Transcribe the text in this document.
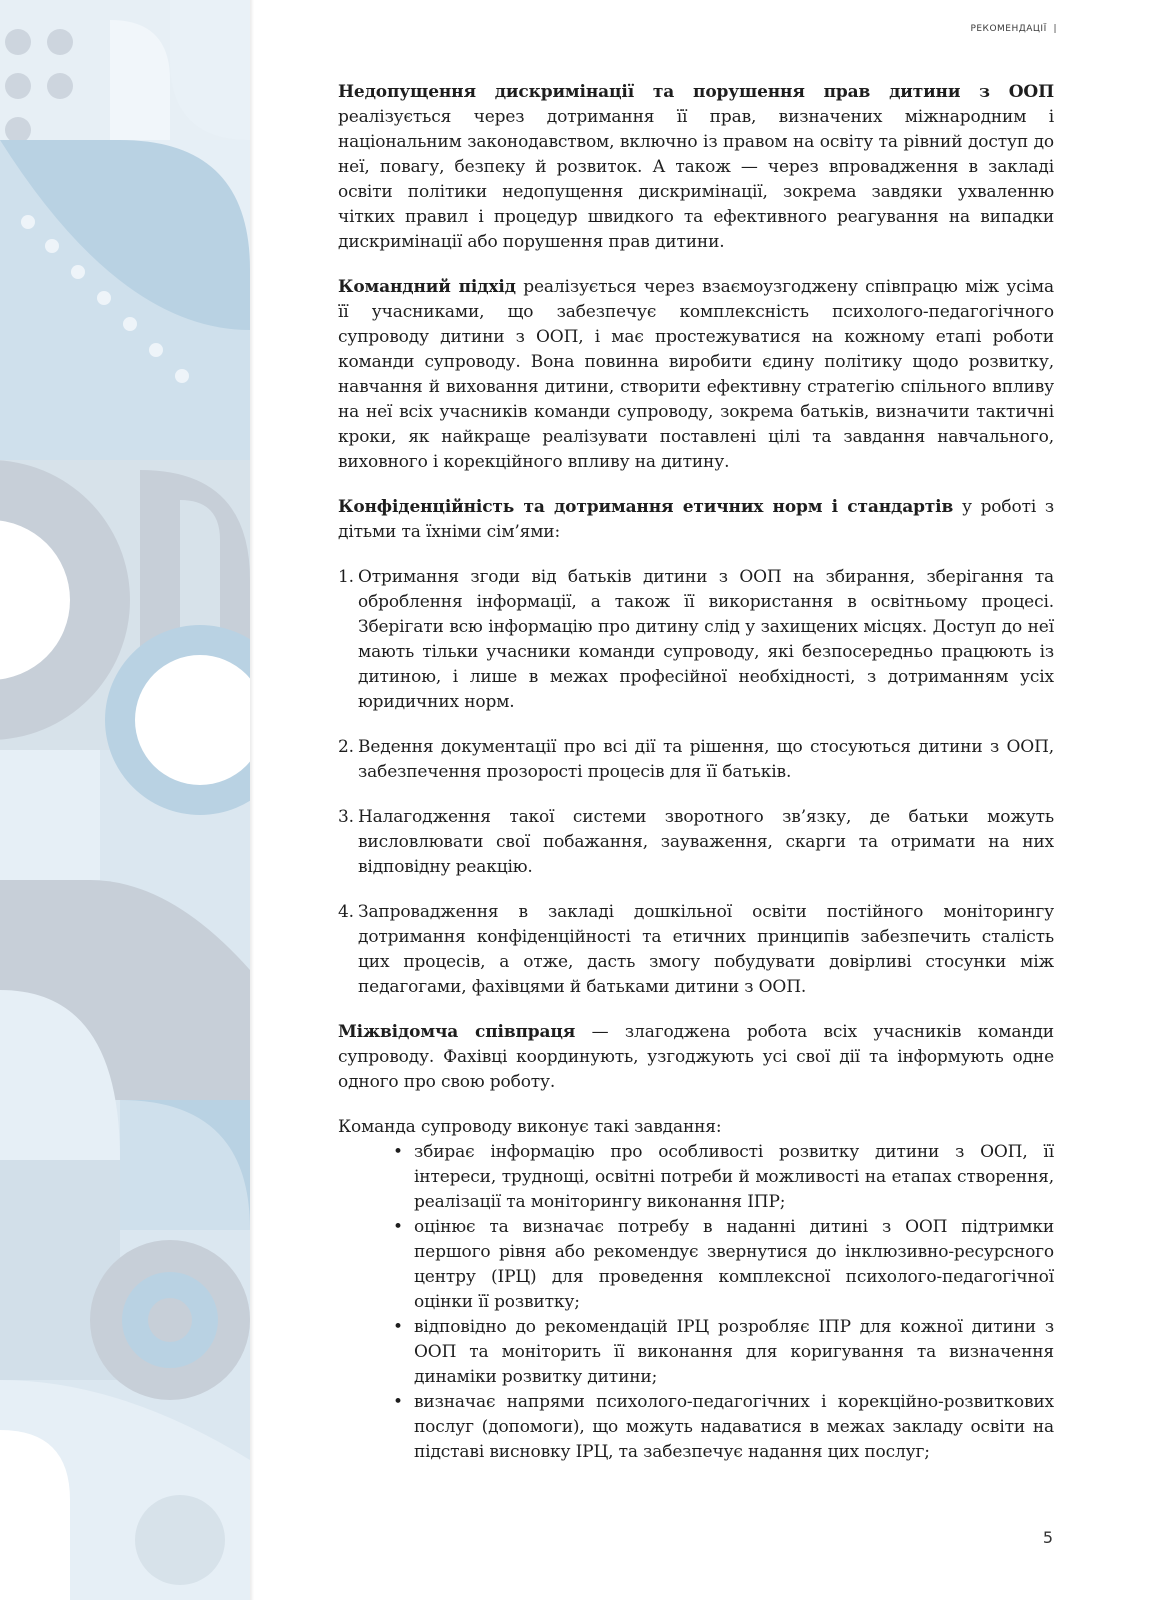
РЕКОМЕНДАЦІЇ  |

Недопущення дискримінації та порушення прав дитини з ООП реалізується через дотримання її прав, визначених міжнародним і національним законодавством, включно із правом на освіту та рівний доступ до неї, повагу, безпеку й розвиток. А також — через впровадження в закладі освіти політики недопущення дискримінації, зокрема завдяки ухваленню чітких правил і процедур швидкого та ефективного реагування на випадки дискримінації або порушення прав дитини.

Командний підхід реалізується через взаємоузгоджену співпрацю між усіма її учасниками, що забезпечує комплексність психолого-педагогічного супроводу дитини з ООП, і має простежуватися на кожному етапі роботи команди супроводу. Вона повинна виробити єдину політику щодо розвитку, навчання й виховання дитини, створити ефективну стратегію спільного впливу на неї всіх учасників команди супроводу, зокрема батьків, визначити тактичні кроки, як найкраще реалізувати поставлені цілі та завдання навчального, виховного і корекційного впливу на дитину.

Конфіденційність та дотримання етичних норм і стандартів у роботі з дітьми та їхніми сім’ями:

1. Отримання згоди від батьків дитини з ООП на збирання, зберігання та оброблення інформації, а також її використання в освітньому процесі. Зберігати всю інформацію про дитину слід у захищених місцях. Доступ до неї мають тільки учасники команди супроводу, які безпосередньо працюють із дитиною, і лише в межах професійної необхідності, з дотриманням усіх юридичних норм.
2. Ведення документації про всі дії та рішення, що стосуються дитини з ООП, забезпечення прозорості процесів для її батьків.
3. Налагодження такої системи зворотного зв’язку, де батьки можуть висловлювати свої побажання, зауваження, скарги та отримати на них відповідну реакцію.
4. Запровадження в закладі дошкільної освіти постійного моніторингу дотримання конфіденційності та етичних принципів забезпечить сталість цих процесів, а отже, дасть змогу побудувати довірливі стосунки між педагогами, фахівцями й батьками дитини з ООП.

Міжвідомча співпраця — злагоджена робота всіх учасників команди супроводу. Фахівці координують, узгоджують усі свої дії та інформують одне одного про свою роботу.

Команда супроводу виконує такі завдання:

• збирає інформацію про особливості розвитку дитини з ООП, її інтереси, труднощі, освітні потреби й можливості на етапах створення, реалізації та моніторингу виконання ІПР;
• оцінює та визначає потребу в наданні дитині з ООП підтримки першого рівня або рекомендує звернутися до інклюзивно-ресурсного центру (ІРЦ) для проведення комплексної психолого-педагогічної оцінки її розвитку;
• відповідно до рекомендацій ІРЦ розробляє ІПР для кожної дитини з ООП та моніторить її виконання для коригування та визначення динаміки розвитку дитини;
• визначає напрями психолого-педагогічних і корекційно-розвиткових послуг (допомоги), що можуть надаватися в межах закладу освіти на підставі висновку ІРЦ, та забезпечує надання цих послуг;
5
